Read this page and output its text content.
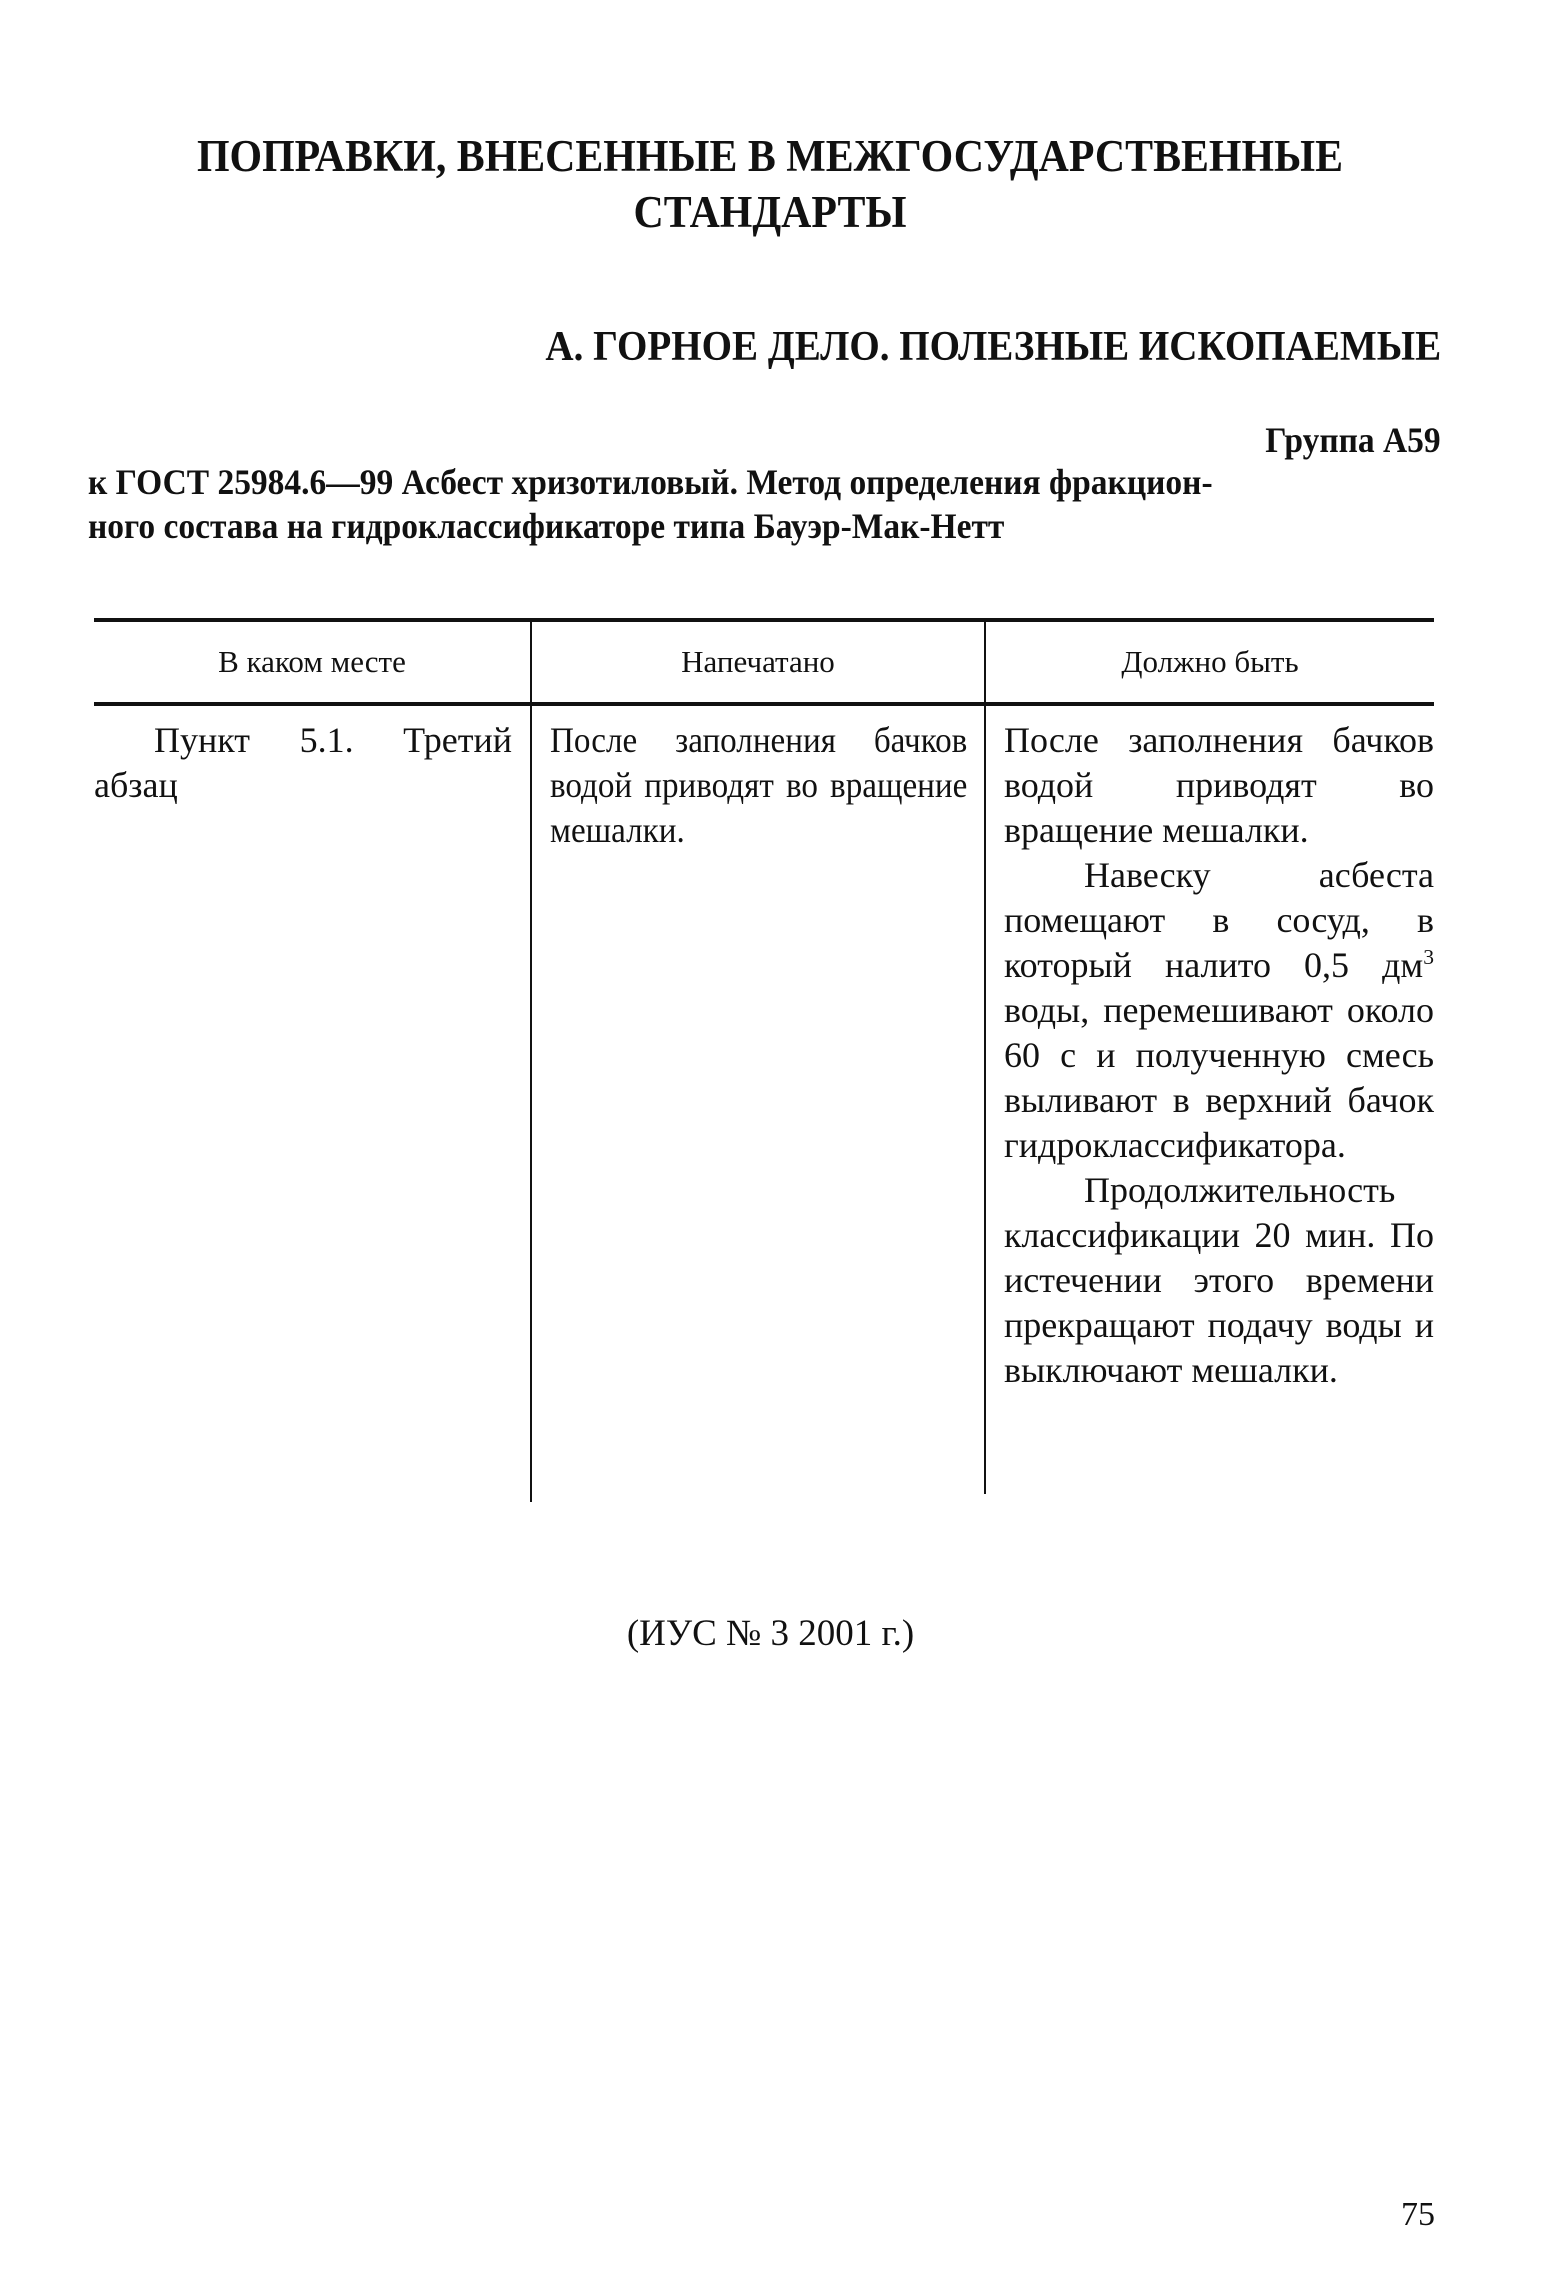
ПОПРАВКИ, ВНЕСЕННЫЕ В МЕЖГОСУДАРСТВЕННЫЕ СТАНДАРТЫ
А. ГОРНОЕ ДЕЛО. ПОЛЕЗНЫЕ ИСКОПАЕМЫЕ
Группа А59
к ГОСТ 25984.6—99 Асбест хризотиловый. Метод определения фракцион-
ного состава на гидроклассификаторе типа Бауэр-Мак-Нетт
В каком месте	Напечатано	Должно быть

Пункт 5.1. Третий абзац

После заполнения бачков водой приводят во вращение мешалки.

После заполнения бачков водой приводят во вращение мешалки.

Навеску асбеста помещают в сосуд, в который налито 0,5 $дм^3$ воды, перемешивают около 60 с и полученную смесь выливают в верхний бачок гидроклассификатора.

Продолжительность классификации 20 мин. По истечении этого времени прекращают подачу воды и выключают мешалки.

(ИУС № 3 2001 г.)
75
